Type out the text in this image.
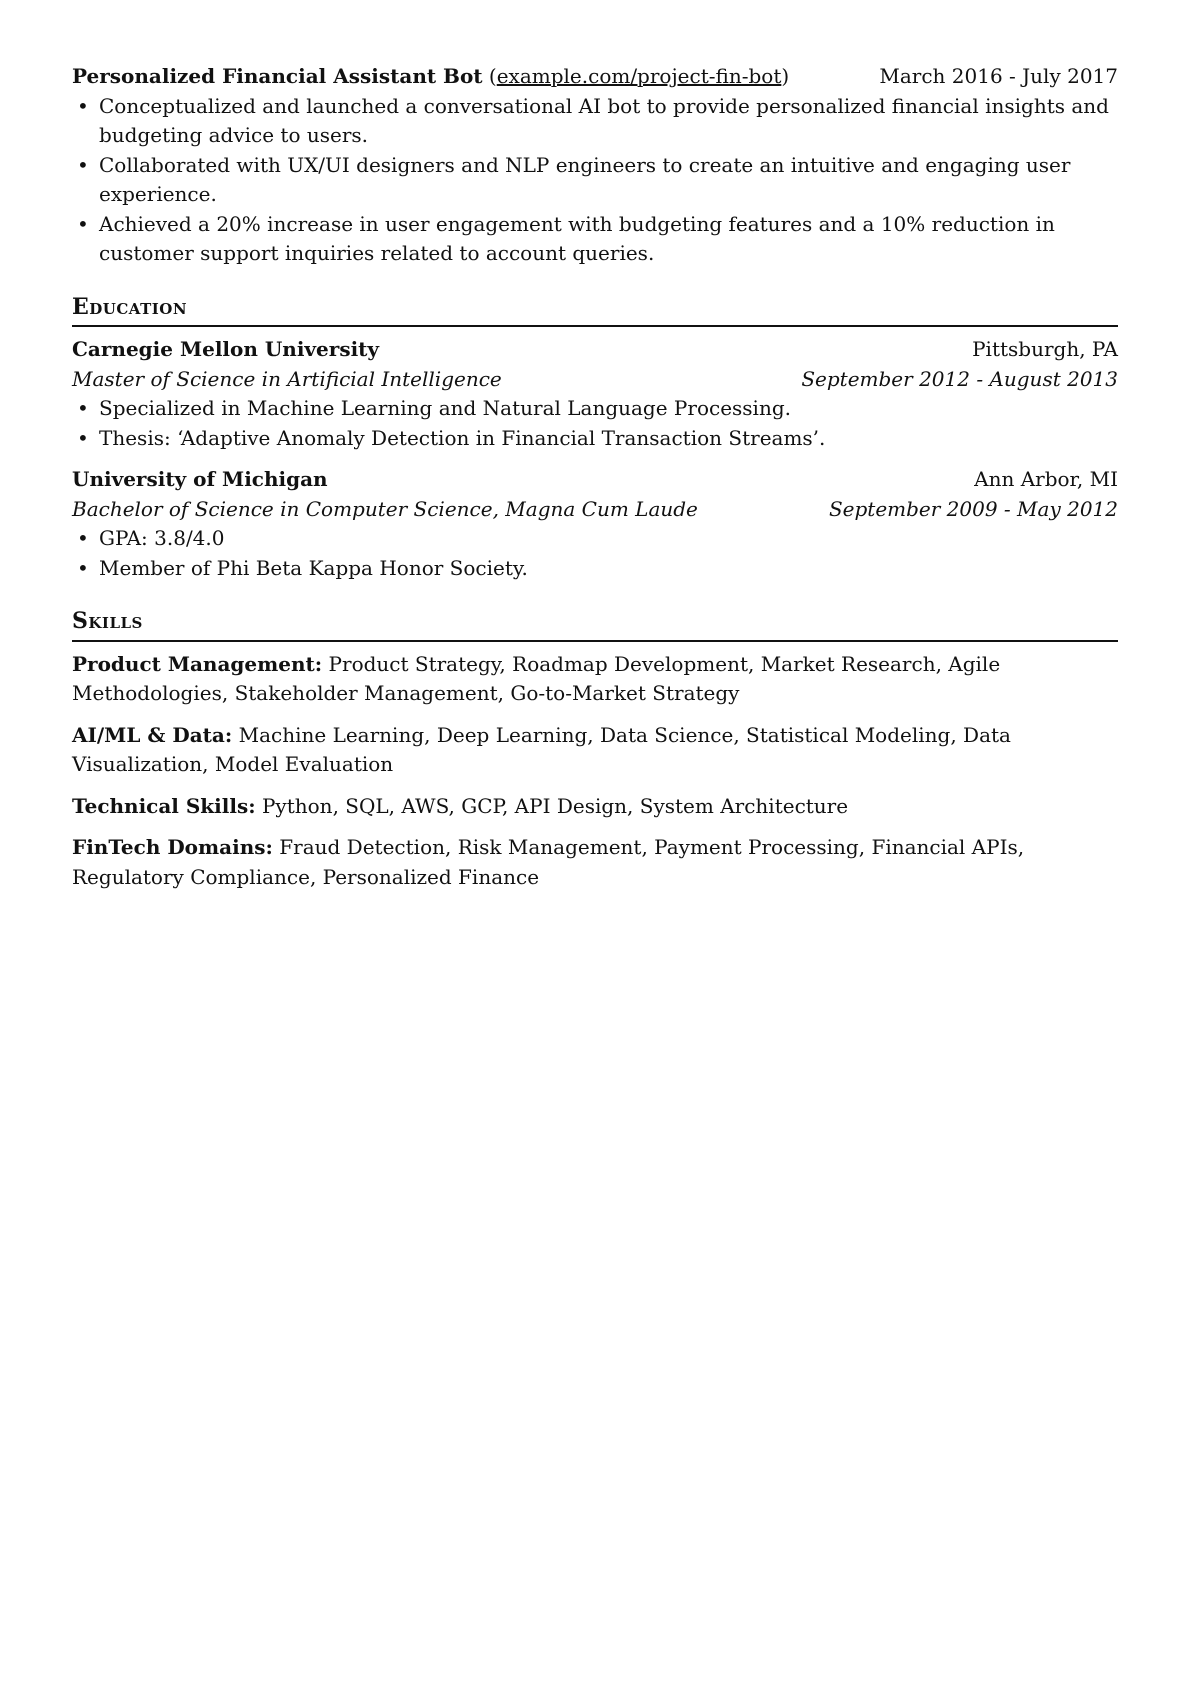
Personalized Financial Assistant Bot (example.com/project-fin-bot)	March 2016 - July 2017
• Conceptualized and launched a conversational AI bot to provide personalized financial insights and budgeting advice to users.
• Collaborated with UX/UI designers and NLP engineers to create an intuitive and engaging user experience.
• Achieved a 20% increase in user engagement with budgeting features and a 10% reduction in customer support inquiries related to account queries.
Education
Carnegie Mellon University	Pittsburgh, PA
Master of Science in Artificial Intelligence	September 2012 - August 2013
• Specialized in Machine Learning and Natural Language Processing.
• Thesis: ‘Adaptive Anomaly Detection in Financial Transaction Streams’.
University of Michigan	Ann Arbor, MI
Bachelor of Science in Computer Science, Magna Cum Laude	September 2009 - May 2012
• GPA: 3.8/4.0
• Member of Phi Beta Kappa Honor Society.
Skills
Product Management: Product Strategy, Roadmap Development, Market Research, Agile Methodologies, Stakeholder Management, Go-to-Market Strategy
AI/ML & Data: Machine Learning, Deep Learning, Data Science, Statistical Modeling, Data Visualization, Model Evaluation
Technical Skills: Python, SQL, AWS, GCP, API Design, System Architecture
FinTech Domains: Fraud Detection, Risk Management, Payment Processing, Financial APIs, Regulatory Compliance, Personalized Finance
